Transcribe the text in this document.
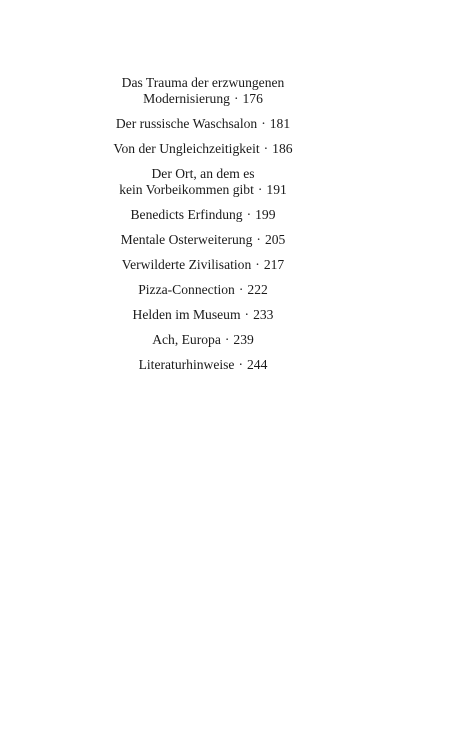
Das Trauma der erzwungenen
Modernisierung · 176
Der russische Waschsalon · 181
Von der Ungleichzeitigkeit · 186
Der Ort, an dem es
kein Vorbeikommen gibt · 191
Benedicts Erfindung · 199
Mentale Osterweiterung · 205
Verwilderte Zivilisation · 217
Pizza-Connection · 222
Helden im Museum · 233
Ach, Europa · 239
Literaturhinweise · 244
